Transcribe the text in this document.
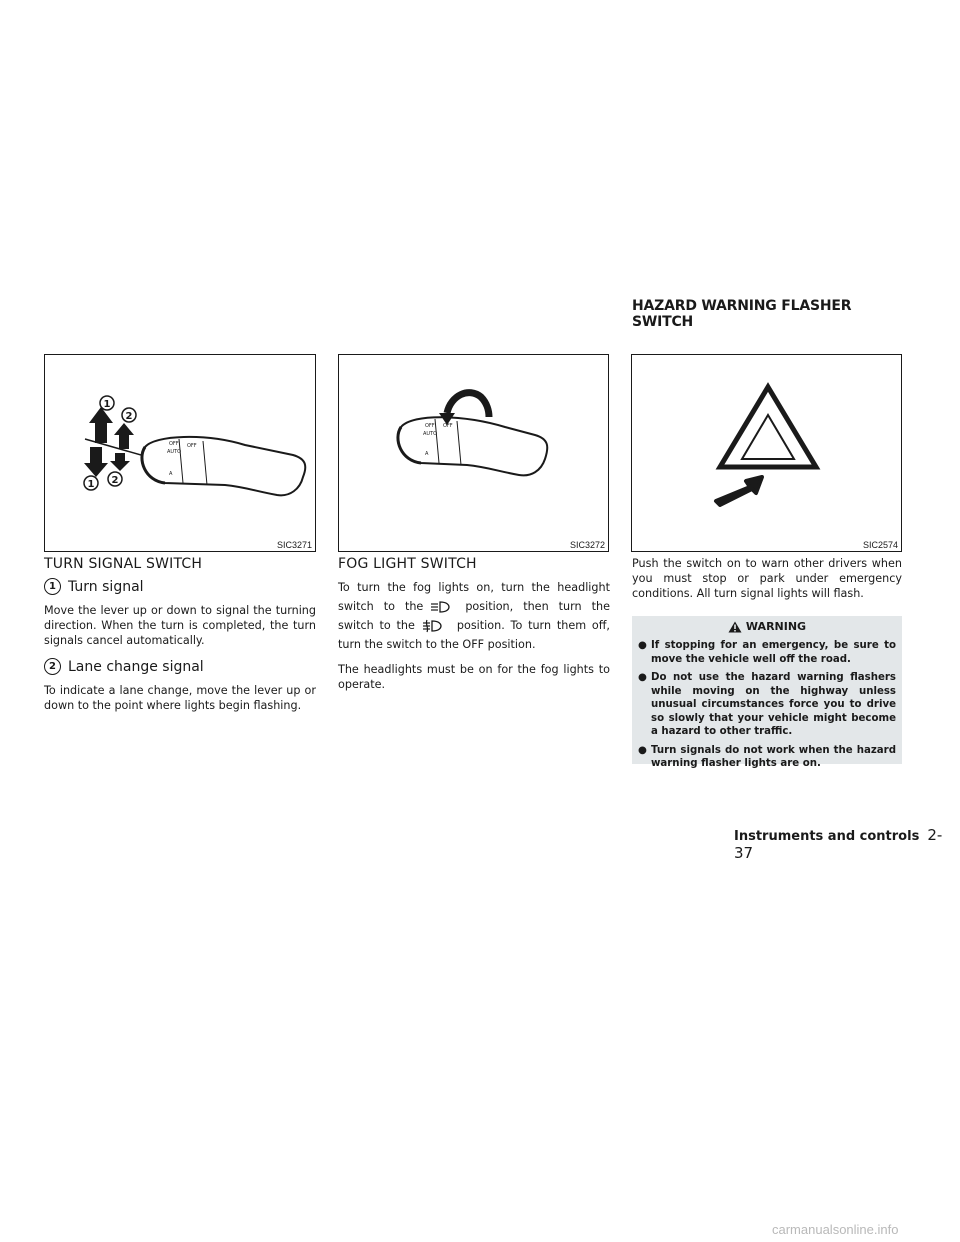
HAZARD WARNING FLASHER SWITCH
OFF
AUTO
OFF
A
1
2
1 2
SIC3271
OFF
AUTO
OFF
A
SIC3272	SIC2574
TURN SIGNAL SWITCH
1 Turn signal

Move the lever up or down to signal the turning direction. When the turn is completed, the turn signals cancel automatically.

2 Lane change signal

To indicate a lane change, move the lever up or down to the point where lights begin flashing.

FOG LIGHT SWITCH

To turn the fog lights on, turn the headlight switch to the	position, then turn the switch to the	position. To turn them off, turn the switch to the OFF position.

The headlights must be on for the fog lights to operate.

Push the switch on to warn other drivers when you must stop or park under emergency conditions. All turn signal lights will flash.

WARNING
● If stopping for an emergency, be sure to move the vehicle well off the road.
● Do not use the hazard warning flashers while moving on the highway unless unusual circumstances force you to drive so slowly that your vehicle might become a hazard to other traffic.
● Turn signals do not work when the hazard warning flasher lights are on.
Instruments and controls 2-37
carmanualsonline.info
